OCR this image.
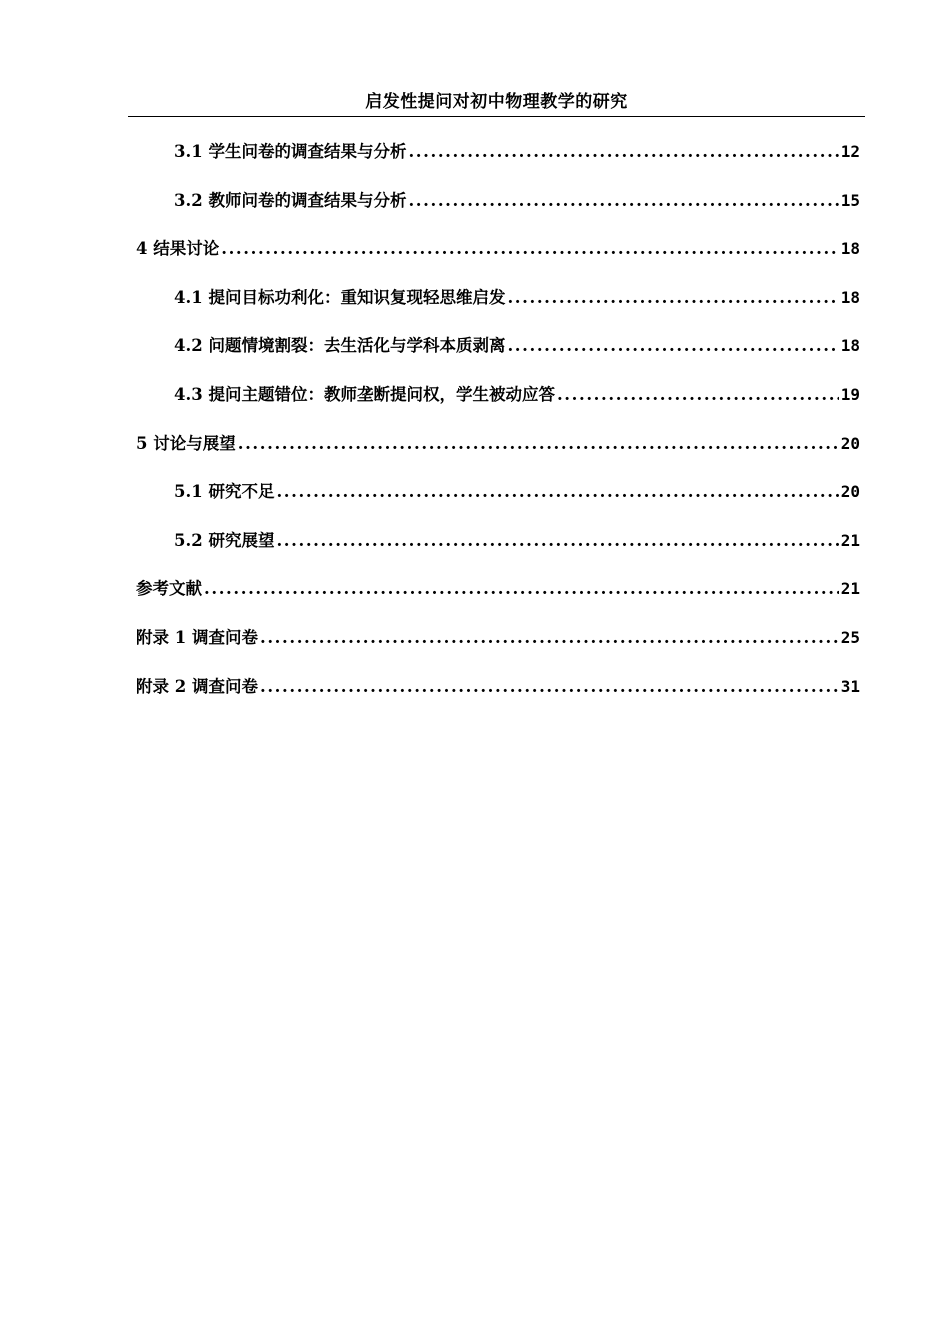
启发性提问对初中物理教学的研究
3.1 学生问卷的调查结果与分析 .....	12
3.2 教师问卷的调查结果与分析 .....	15
4 结果讨论 .....	18
4.1 提问目标功利化：重知识复现轻思维启发 .....	18
4.2 问题情境割裂：去生活化与学科本质剥离 .....	18
4.3 提问主题错位：教师垄断提问权，学生被动应答 .....	19
5 讨论与展望 .....	20
5.1 研究不足 .....	20
5.2 研究展望 .....	21
参考文献 .....	21
附录 1 调查问卷 .....	25
附录 2 调查问卷 .....	31
